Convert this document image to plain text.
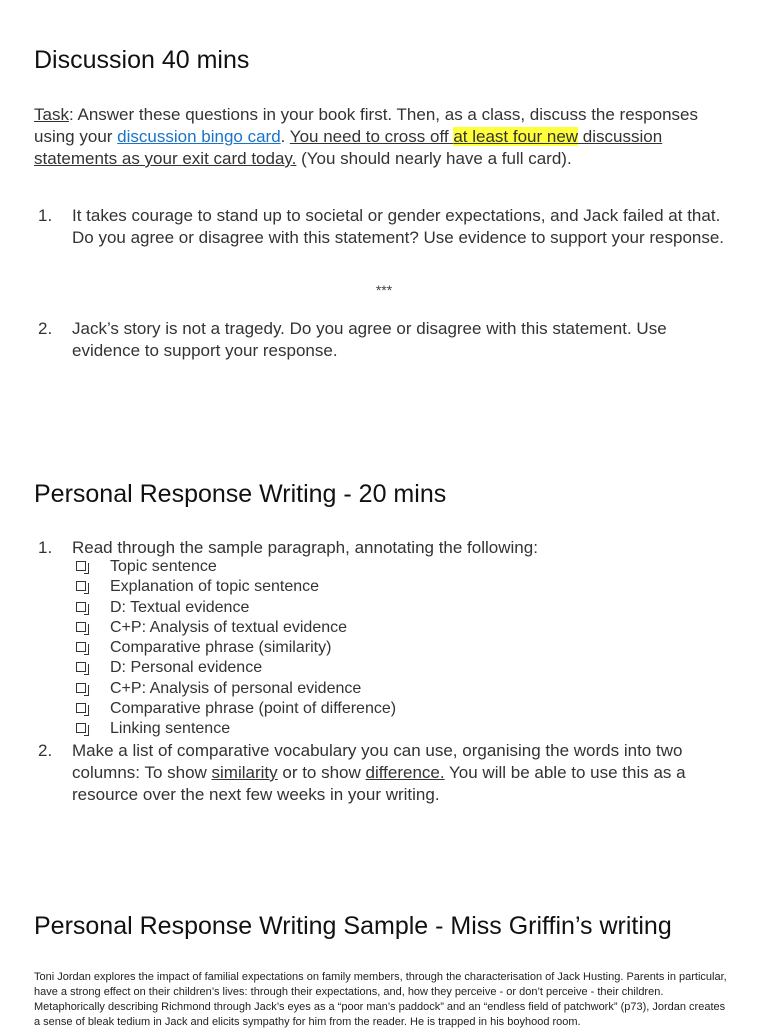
Discussion 40 mins
Task: Answer these questions in your book first. Then, as a class, discuss the responses using your discussion bingo card. You need to cross off at least four new discussion statements as your exit card today. (You should nearly have a full card).
1. It takes courage to stand up to societal or gender expectations, and Jack failed at that. Do you agree or disagree with this statement? Use evidence to support your response.
***
2. Jack’s story is not a tragedy. Do you agree or disagree with this statement. Use evidence to support your response.
Personal Response Writing - 20 mins
1. Read through the sample paragraph, annotating the following:
Topic sentence
Explanation of topic sentence
D: Textual evidence
C+P: Analysis of textual evidence
Comparative phrase (similarity)
D: Personal evidence
C+P: Analysis of personal evidence
Comparative phrase (point of difference)
Linking sentence
2. Make a list of comparative vocabulary you can use, organising the words into two columns: To show similarity or to show difference. You will be able to use this as a resource over the next few weeks in your writing.
Personal Response Writing Sample - Miss Griffin’s writing
Toni Jordan explores the impact of familial expectations on family members, through the characterisation of Jack Husting. Parents in particular, have a strong effect on their children’s lives: through their expectations, and, how they perceive - or don’t perceive - their children. Metaphorically describing Richmond through Jack’s eyes as a “poor man’s paddock” and an “endless field of patchwork” (p73), Jordan creates a sense of bleak tedium in Jack and elicits sympathy for him from the reader. He is trapped in his boyhood room.
